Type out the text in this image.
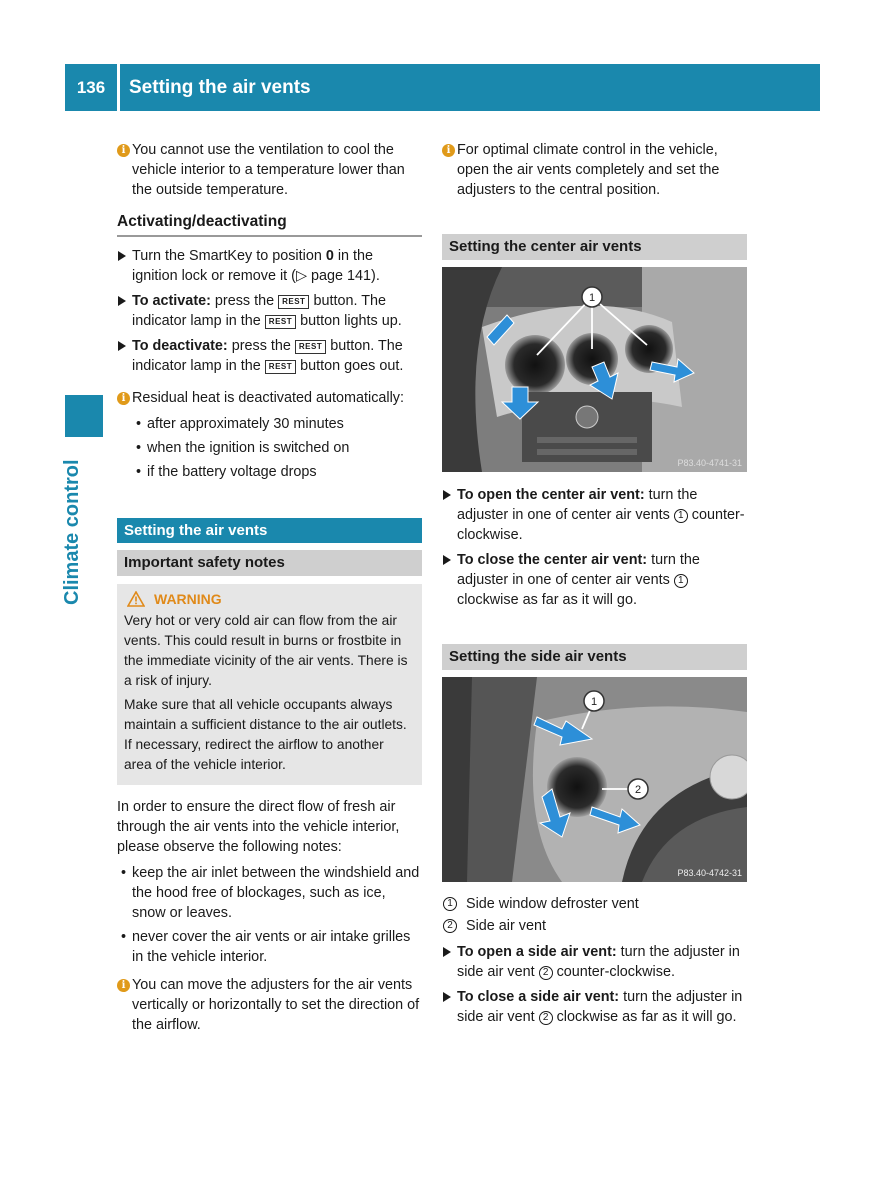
136	Setting the air vents
Climate control
i You cannot use the ventilation to cool the vehicle interior to a temperature lower than the outside temperature.

Activating/deactivating
Turn the SmartKey to position 0 in the ignition lock or remove it (▷ page 141).
To activate: press the REST button. The indicator lamp in the REST button lights up.
To deactivate: press the REST button. The indicator lamp in the REST button goes out.
i Residual heat is deactivated automatically:

• after approximately 30 minutes
• when the ignition is switched on
• if the battery voltage drops
Setting the air vents
Important safety notes
WARNING

Very hot or very cold air can flow from the air vents. This could result in burns or frostbite in the immediate vicinity of the air vents. There is a risk of injury.

Make sure that all vehicle occupants always maintain a sufficient distance to the air outlets. If necessary, redirect the airflow to another area of the vehicle interior.

In order to ensure the direct flow of fresh air through the air vents into the vehicle interior, please observe the following notes:

• keep the air inlet between the windshield and the hood free of blockages, such as ice, snow or leaves.
• never cover the air vents or air intake grilles in the vehicle interior.
i You can move the adjusters for the air vents vertically or horizontally to set the direction of the airflow.

i For optimal climate control in the vehicle, open the air vents completely and set the adjusters to the central position.

Setting the center air vents
1
P83.40-4741-31
To open the center air vent: turn the adjuster in one of center air vents 1 counter-clockwise.
To close the center air vent: turn the adjuster in one of center air vents 1 clockwise as far as it will go.
Setting the side air vents
1
2
P83.40-4742-31
1 Side window defroster vent
2 Side air vent
To open a side air vent: turn the adjuster in side air vent 2 counter-clockwise.
To close a side air vent: turn the adjuster in side air vent 2 clockwise as far as it will go.
